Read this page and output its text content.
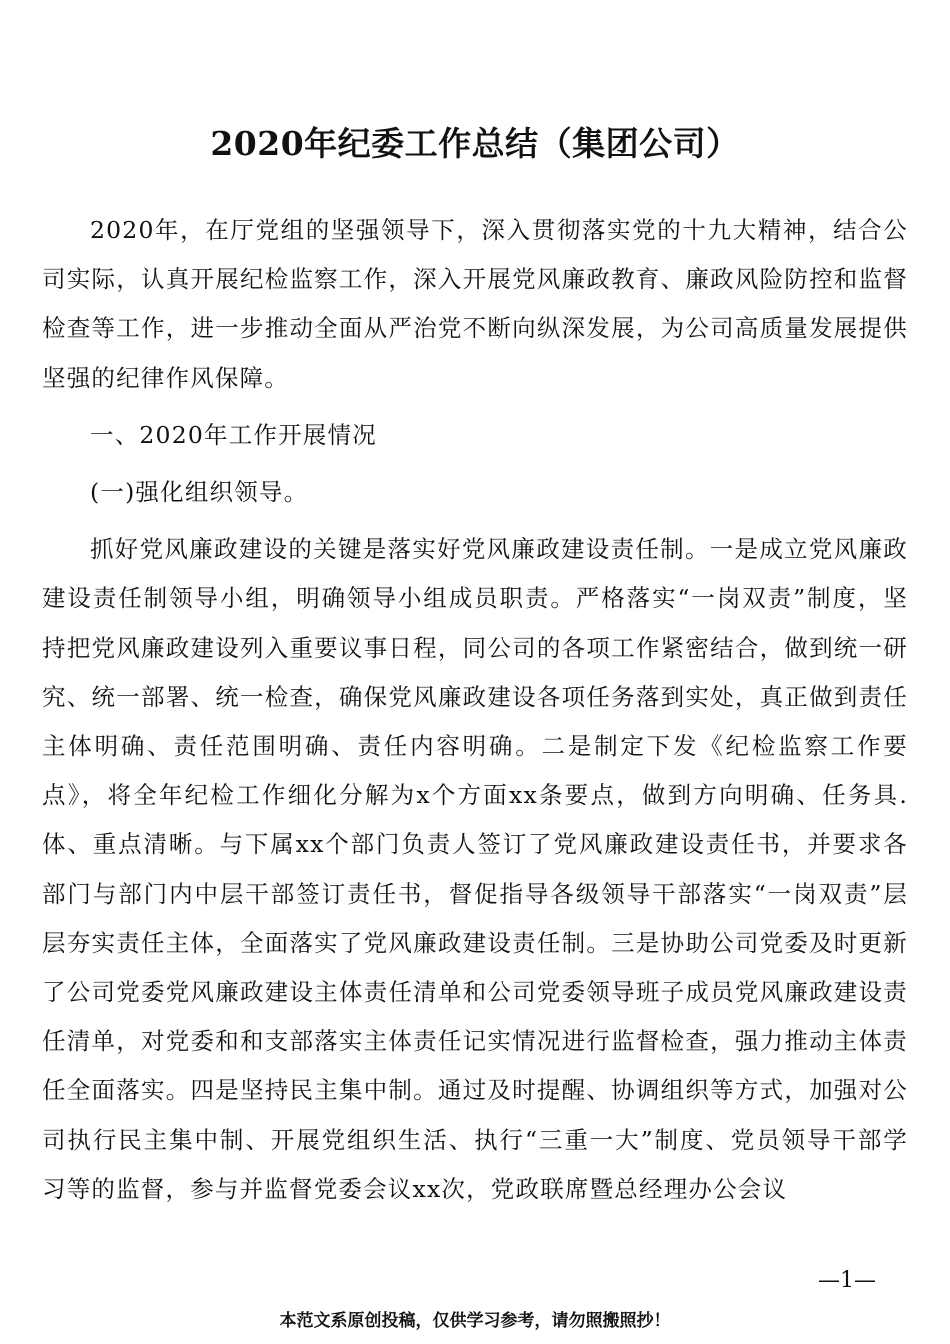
2020年纪委工作总结（集团公司）

2020年，在厅党组的坚强领导下，深入贯彻落实党的十九大精神，结合公司实际，认真开展纪检监察工作，深入开展党风廉政教育、廉政风险防控和监督检查等工作，进一步推动全面从严治党不断向纵深发展，为公司高质量发展提供坚强的纪律作风保障。

一、2020年工作开展情况

(一)强化组织领导。

抓好党风廉政建设的关键是落实好党风廉政建设责任制。一是成立党风廉政建设责任制领导小组，明确领导小组成员职责。严格落实“一岗双责”制度，坚持把党风廉政建设列入重要议事日程，同公司的各项工作紧密结合，做到统一研究、统一部署、统一检查，确保党风廉政建设各项任务落到实处，真正做到责任主体明确、责任范围明确、责任内容明确。二是制定下发《纪检监察工作要点》，将全年纪检工作细化分解为x个方面xx条要点，做到方向明确、任务具.体、重点清晰。与下属xx个部门负责人签订了党风廉政建设责任书，并要求各部门与部门内中层干部签订责任书，督促指导各级领导干部落实“一岗双责”层层夯实责任主体，全面落实了党风廉政建设责任制。三是协助公司党委及时更新了公司党委党风廉政建设主体责任清单和公司党委领导班子成员党风廉政建设责任清单，对党委和和支部落实主体责任记实情况进行监督检查，强力推动主体责任全面落实。四是坚持民主集中制。通过及时提醒、协调组织等方式，加强对公司执行民主集中制、开展党组织生活、执行“三重一大”制度、党员领导干部学习等的监督，参与并监督党委会议xx次，党政联席暨总经理办公会议

—1—
本范文系原创投稿，仅供学习参考，请勿照搬照抄！
